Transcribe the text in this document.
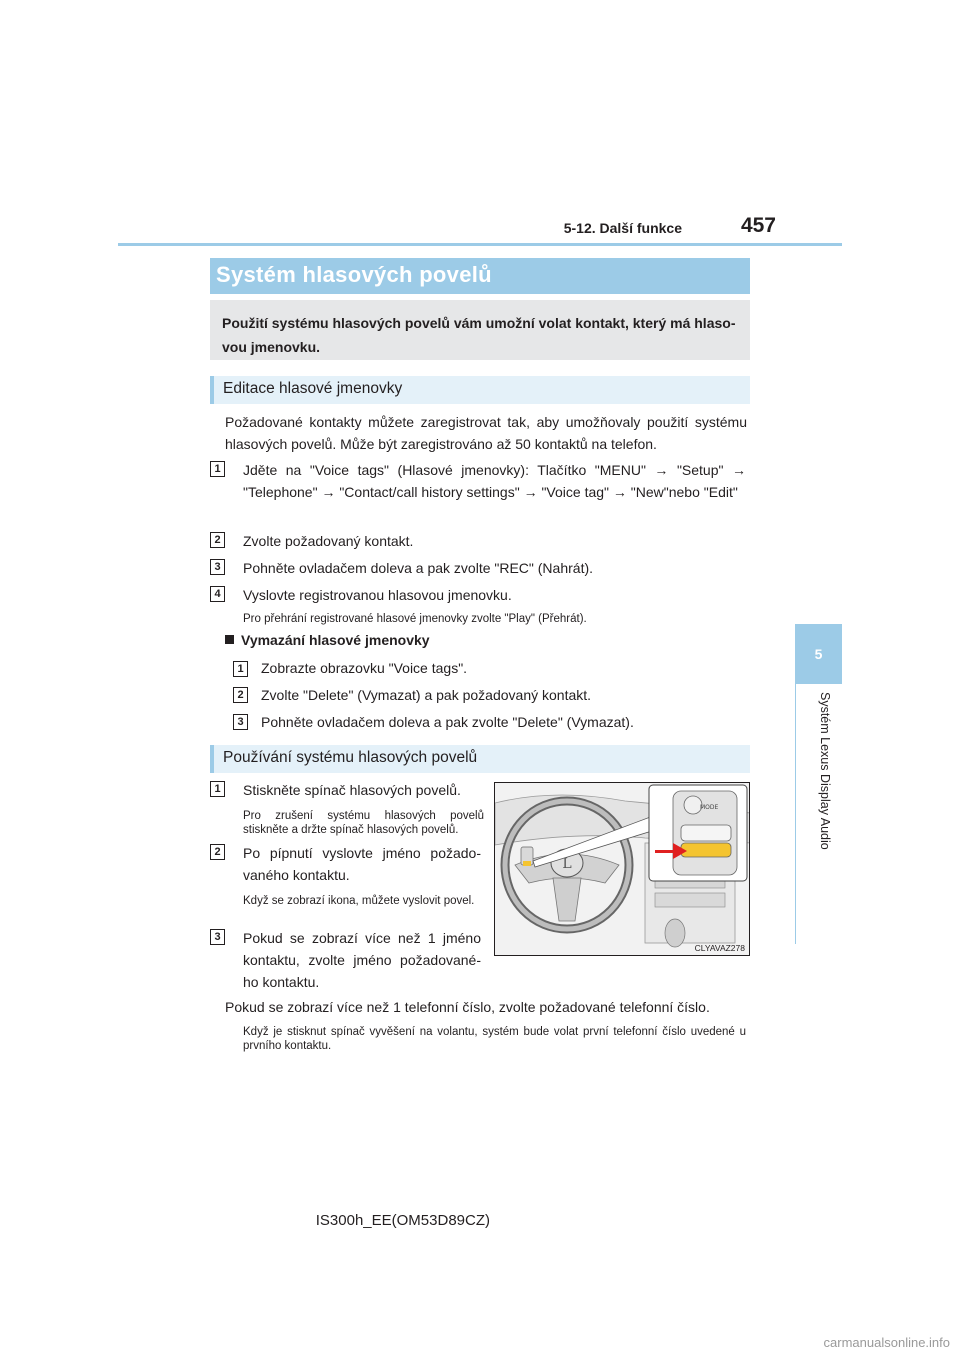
5-12. Další funkce	457
5
Systém Lexus Display Audio
Systém hlasových povelů

Použití systému hlasových povelů vám umožní volat kontakt, který má hlaso-vou jmenovku.

Editace hlasové jmenovky
Požadované kontakty můžete zaregistrovat tak, aby umožňovaly použití systému hlasových povelů. Může být zaregistrováno až 50 kontaktů na telefon.
1	Jděte na "Voice tags" (Hlasové jmenovky): Tlačítko "MENU" → "Setup" → "Telephone" → "Contact/call history settings" → "Voice tag" → "New"nebo "Edit"
2	Zvolte požadovaný kontakt.
3	Pohněte ovladačem doleva a pak zvolte "REC" (Nahrát).
4	Vyslovte registrovanou hlasovou jmenovku.
Pro přehrání registrované hlasové jmenovky zvolte "Play" (Přehrát).
Vymazání hlasové jmenovky
1	Zobrazte obrazovku "Voice tags".
2	Zvolte "Delete" (Vymazat) a pak požadovaný kontakt.
3	Pohněte ovladačem doleva a pak zvolte "Delete" (Vymazat).
Používání systému hlasových povelů
1	Stiskněte spínač hlasových povelů.
Pro zrušení systému hlasových povelů stiskněte a držte spínač hlasových povelů.
2	Po pípnutí vyslovte jméno požado-vaného kontaktu.
Když se zobrazí ikona, můžete vyslovit povel.
3	Pokud se zobrazí více než 1 jméno kontaktu, zvolte jméno požadované-ho kontaktu.
L
MODE
CLYAVAZ278
Pokud se zobrazí více než 1 telefonní číslo, zvolte požadované telefonní číslo.
Když je stisknut spínač vyvěšení na volantu, systém bude volat první telefonní číslo uvedené u prvního kontaktu.
IS300h_EE(OM53D89CZ)
carmanualsonline.info
